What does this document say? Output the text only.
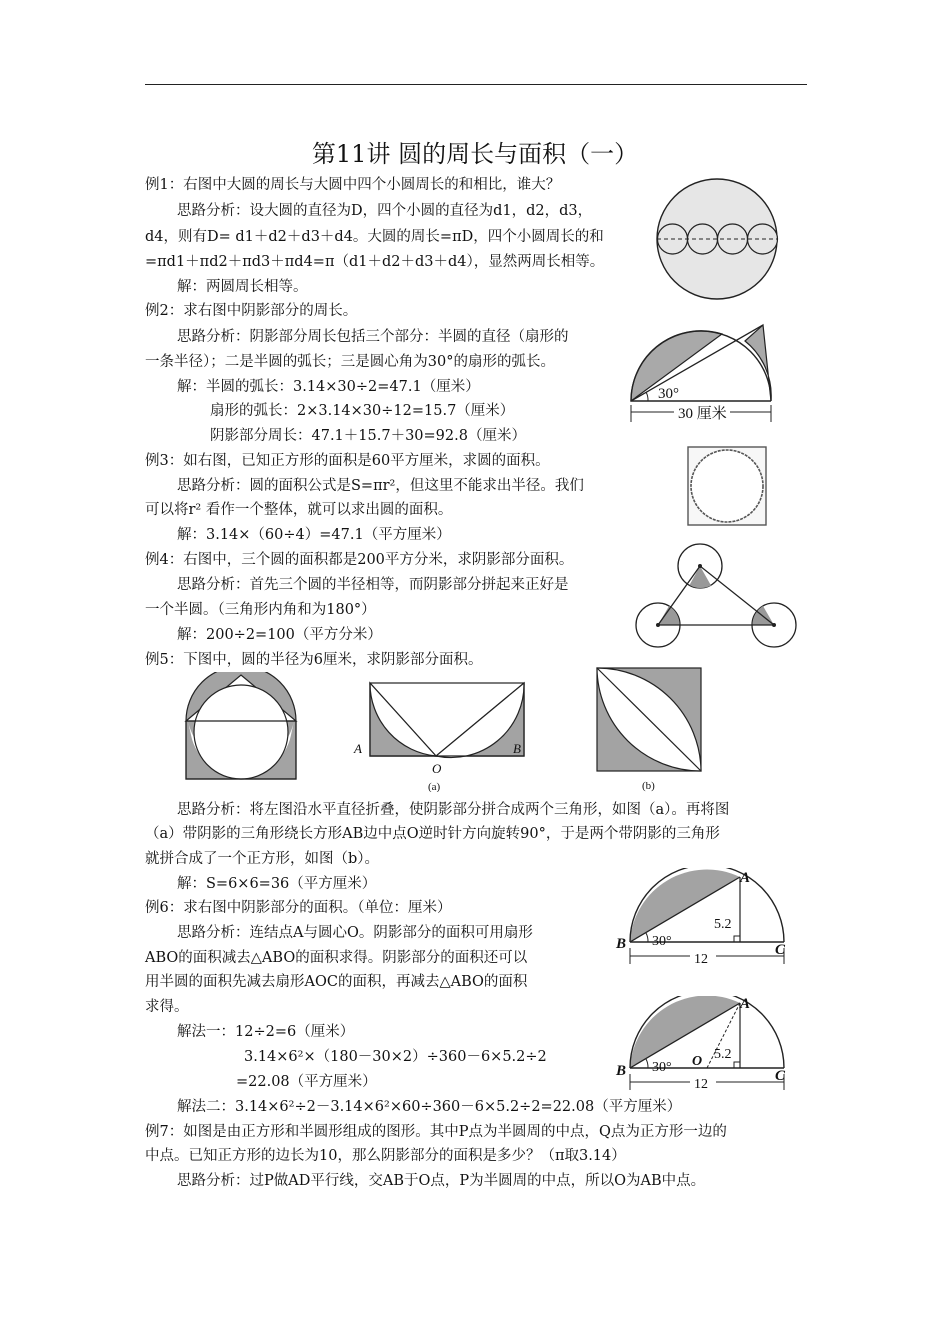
第11讲 圆的周长与面积（一）
例1：右图中大圆的周长与大圆中四个小圆周长的和相比，谁大？
思路分析：设大圆的直径为D，四个小圆的直径为d1，d2，d3，
d4，则有D= d1＋d2＋d3＋d4。大圆的周长=πD，四个小圆周长的和
=πd1＋πd2＋πd3＋πd4=π（d1＋d2＋d3＋d4），显然两周长相等。
解：两圆周长相等。
例2：求右图中阴影部分的周长。
思路分析：阴影部分周长包括三个部分：半圆的直径（扇形的
一条半径）；二是半圆的弧长；三是圆心角为30°的扇形的弧长。
解：半圆的弧长：3.14×30÷2=47.1（厘米）
扇形的弧长：2×3.14×30÷12=15.7（厘米）
阴影部分周长：47.1＋15.7＋30=92.8（厘米）
例3：如右图，已知正方形的面积是60平方厘米，求圆的面积。
思路分析：圆的面积公式是S=πr²，但这里不能求出半径。我们
可以将r² 看作一个整体，就可以求出圆的面积。
解：3.14×（60÷4）=47.1（平方厘米）
例4：右图中，三个圆的面积都是200平方分米，求阴影部分面积。
思路分析：首先三个圆的半径相等，而阴影部分拼起来正好是
一个半圆。（三角形内角和为180°）
解：200÷2=100（平方分米）
例5：下图中，圆的半径为6厘米，求阴影部分面积。
思路分析：将左图沿水平直径折叠，使阴影部分拼合成两个三角形，如图（a）。再将图
（a）带阴影的三角形绕长方形AB边中点O逆时针方向旋转90°，于是两个带阴影的三角形
就拼合成了一个正方形，如图（b）。
解：S=6×6=36（平方厘米）
例6：求右图中阴影部分的面积。（单位：厘米）
思路分析：连结点A与圆心O。阴影部分的面积可用扇形
ABO的面积减去△ABO的面积求得。阴影部分的面积还可以
用半圆的面积先减去扇形AOC的面积，再减去△ABO的面积
求得。
解法一：12÷2=6（厘米）
3.14×6²×（180－30×2）÷360－6×5.2÷2
=22.08（平方厘米）
解法二：3.14×6²÷2－3.14×6²×60÷360－6×5.2÷2=22.08（平方厘米）
例7：如图是由正方形和半圆形组成的图形。其中P点为半圆周的中点，Q点为正方形一边的
中点。已知正方形的边长为10，那么阴影部分的面积是多少？（π取3.14）
思路分析：过P做AD平行线，交AB于O点，P为半圆周的中点，所以O为AB中点。
30°
30 厘米
A
O
B
(a)	(b)
B
A
C
30°
5.2
12
B
A
C
O
30°
5.2
12
